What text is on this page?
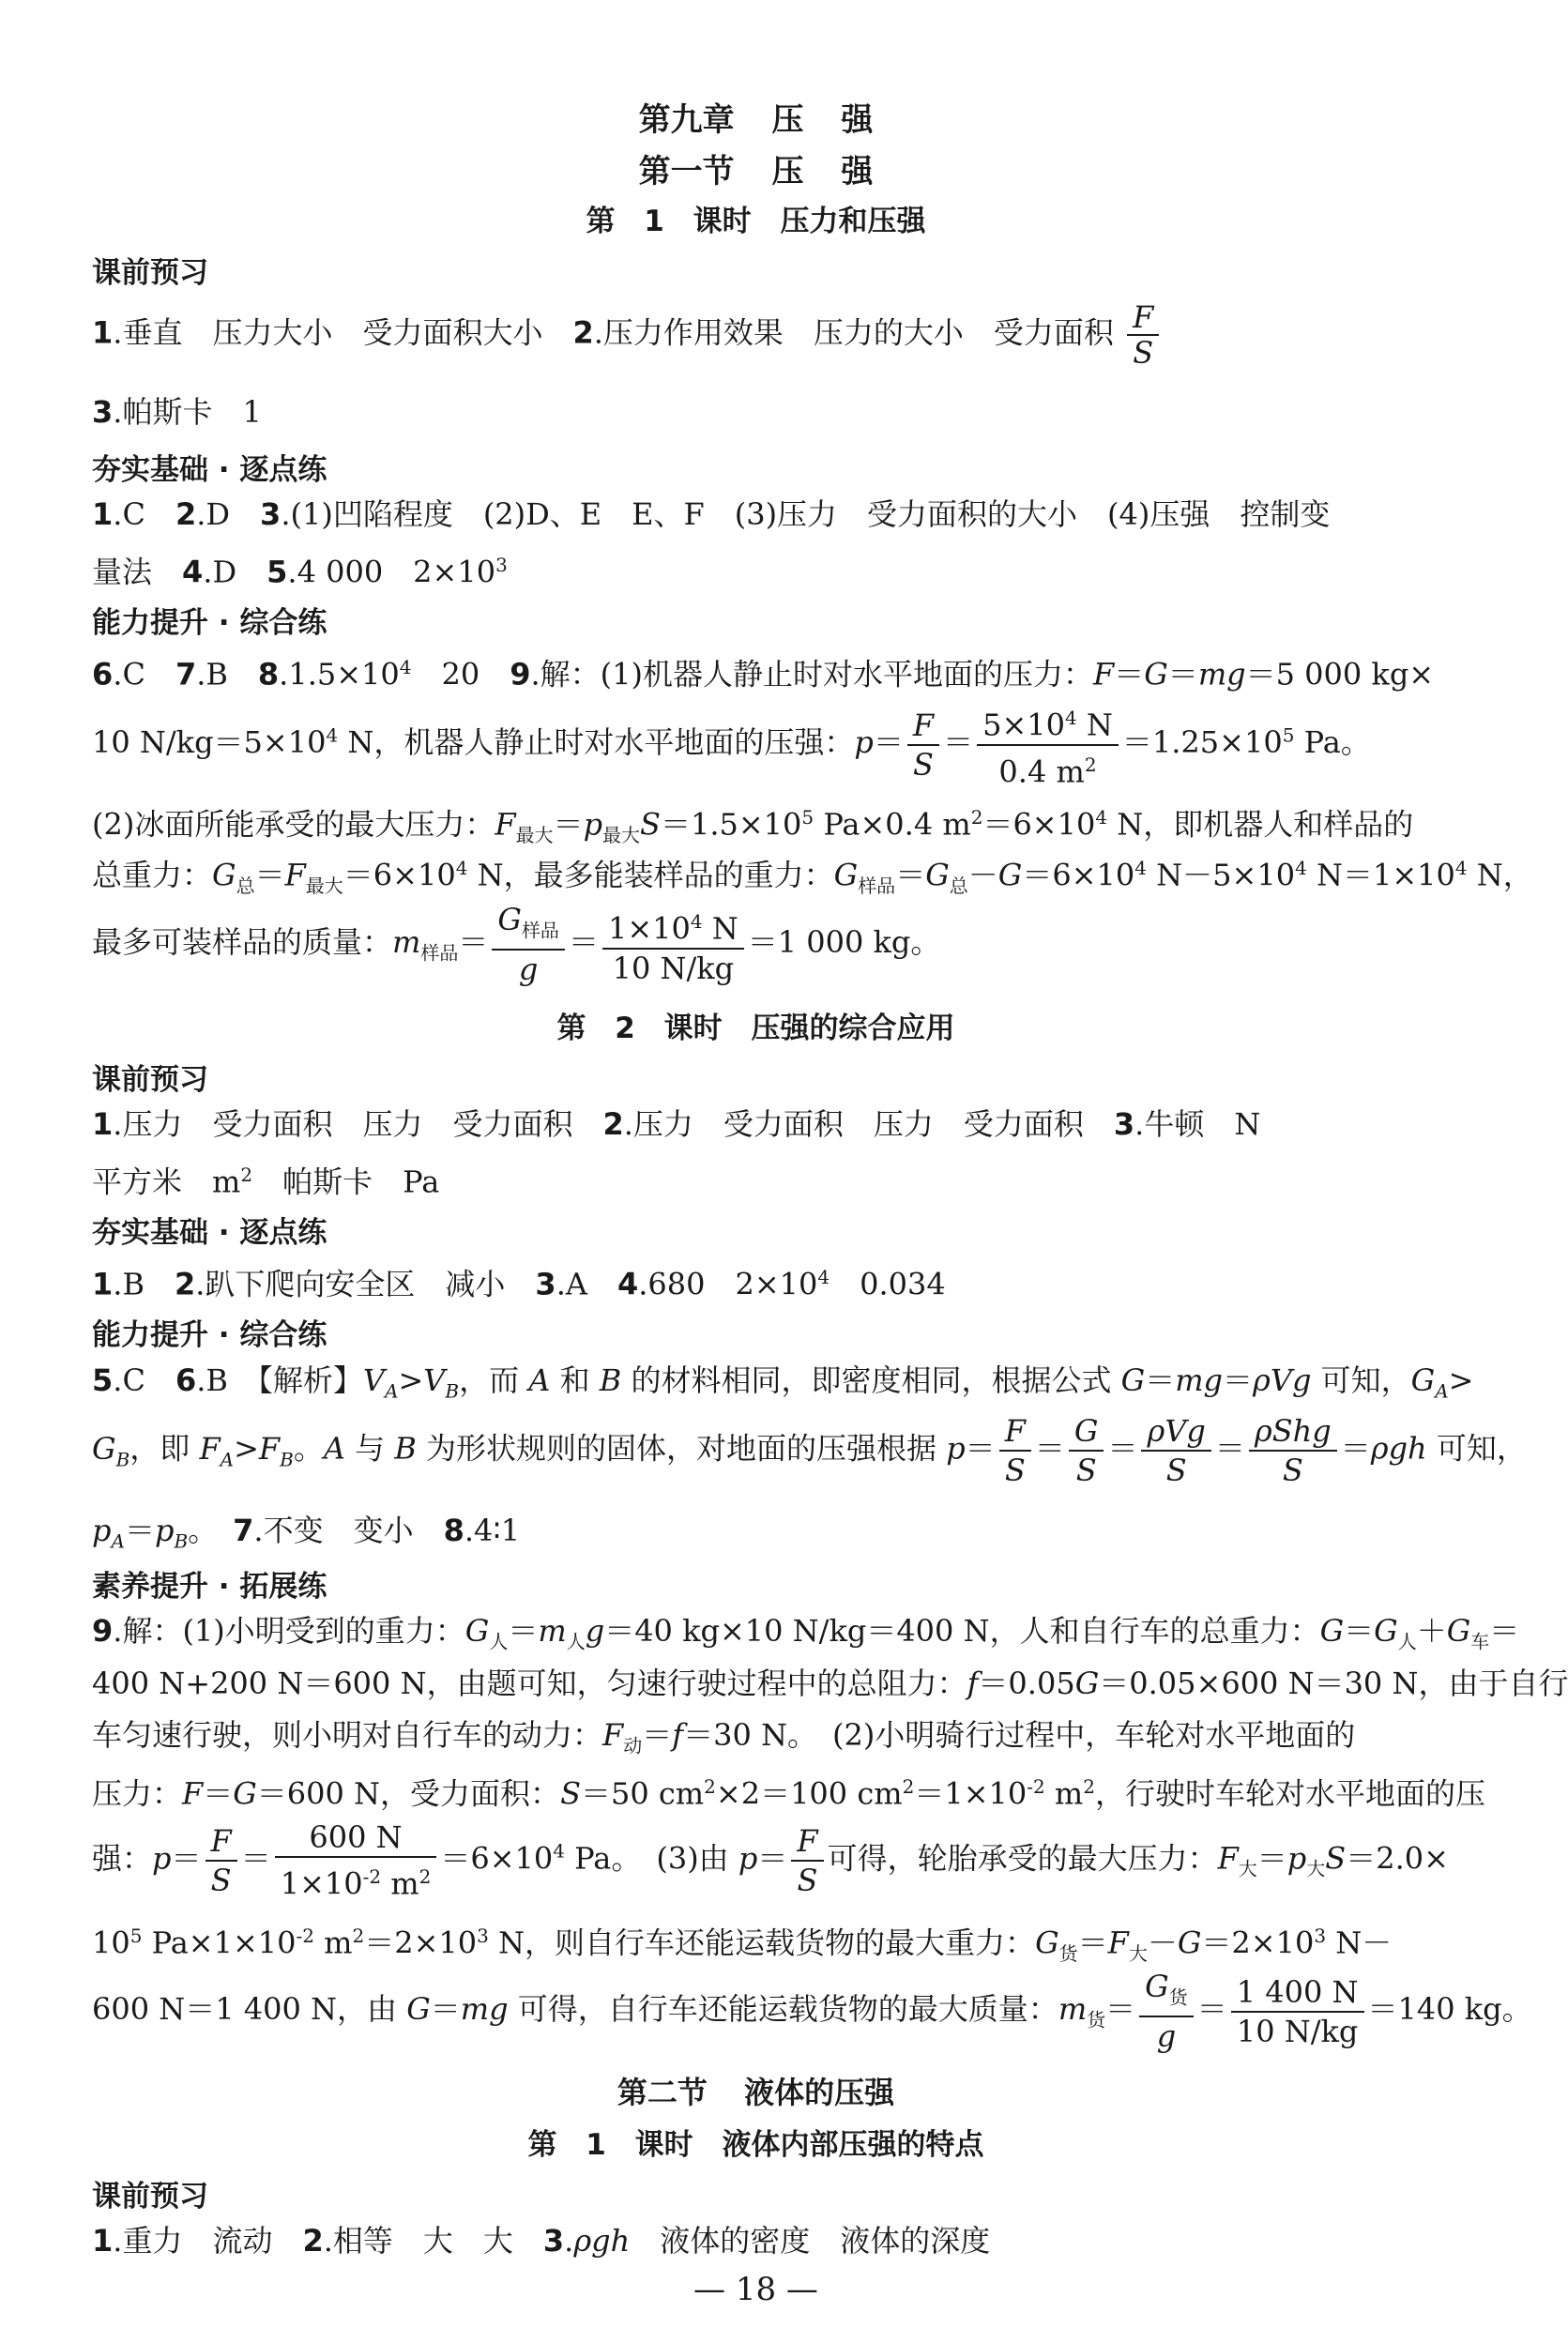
第九章 压 强
第一节 压 强
第 1 课时 压力和压强
课前预习
1.垂直　压力大小　受力面积大小　2.压力作用效果　压力的大小　受力面积 $\frac{F}{S}$
3.帕斯卡　1
夯实基础 · 逐点练
1.C　2.D　3.(1)凹陷程度　(2)D、E　E、F　(3)压力　受力面积的大小　(4)压强　控制变
量法　4.D　5.4 000　$2\times 10^3$
能力提升 · 综合练
6.C　7.B　$8.1.5\times 10^4$　20　9.解：(1)机器人静止时对水平地面的压力：F＝G＝mg＝5 000 kg×
10 $N/kg=5\times 10^4$ N，机器人静止时对水平地面的压强：$p= \frac{F}{S} = \frac{5\times 10^4 N}{0.4 m^2} =1.25\times 10^5$ Pa。
(2)冰面所能承受的最大压力：$F_{最大}=p_{最大}S=1.5\times 10^5$ Pa×0.4 $m^2=6\times 10^4$ N，即机器人和样品的
总重力：$G_总=F_{最大}=6\times 10^4$ N，最多能装样品的重力：$G_{样品}=G_总-G=6\times 10^4$ $N-5\times 10^4$ $N=1\times 10^4$ N，
最多可装样品的质量：$m_{样品}= \frac{G_{样品}}{g} = \frac{1\times 10^4 N}{10 N/kg} =1$ 000 kg。
第 2 课时 压强的综合应用
课前预习
1.压力　受力面积　压力　受力面积　2.压力　受力面积　压力　受力面积　3.牛顿　N
平方米　$m^2$　帕斯卡　Pa
夯实基础 · 逐点练
1.B　2.趴下爬向安全区　减小　3.A　4.680　$2\times 10^4$　0.034
能力提升 · 综合练
5.C　6.B　【解析】$V_A>V_B$，而 A 和 B 的材料相同，即密度相同，根据公式 G＝mg＝ρVg 可知，$G_A>$
$G_B$，即 $F_A>F_B$。A 与 B 为形状规则的固体，对地面的压强根据 $p= \frac{F}{S} = \frac{G}{S} = \frac{\text{ρVg}}{S} = \frac{\text{ρShg}}{S} =\rho gh$ 可知，
$p_A=p_B$。　7.不变　变小　8.4∶1
素养提升 · 拓展练
9.解：(1)小明受到的重力：$G_人=m_人g=40$ kg×10 N/kg＝400 N，人和自行车的总重力：$G=G_人+G_车=$
400 N+200 N＝600 N，由题可知，匀速行驶过程中的总阻力：f＝0.05G＝0.05×600 N＝30 N，由于自行
车匀速行驶，则小明对自行车的动力：$F_动=f=30$ N。　(2)小明骑行过程中，车轮对水平地面的
压力：F＝G＝600 N，受力面积：S＝50 $cm^2\times 2=100$ $cm^2=1\times 10^{-2}$ $m^2$，行驶时车轮对水平地面的压
强：$p= \frac{F}{S} = \frac{600 N}{1\times 10^{-2} m^2} =6\times 10^4$ Pa。　(3)由 $p= \frac{F}{S}$ 可得，轮胎承受的最大压力：$F_大=p_大S=2.0\times$
$10^5$ $Pa\times 1\times 10^{-2}$ $m^2=2\times 10^3$ N，则自行车还能运载货物的最大重力：$G_货=F_大-G=2\times 10^3$ N－
600 N＝1 400 N，由 G＝mg 可得，自行车还能运载货物的最大质量：$m_货= \frac{G_货}{g} = \frac{1 400 N}{10 N/kg} =140$ kg。
第二节 液体的压强
第 1 课时 液体内部压强的特点
课前预习
1.重力　流动　2.相等　大　大　3.ρgh　液体的密度　液体的深度
— 18 —
